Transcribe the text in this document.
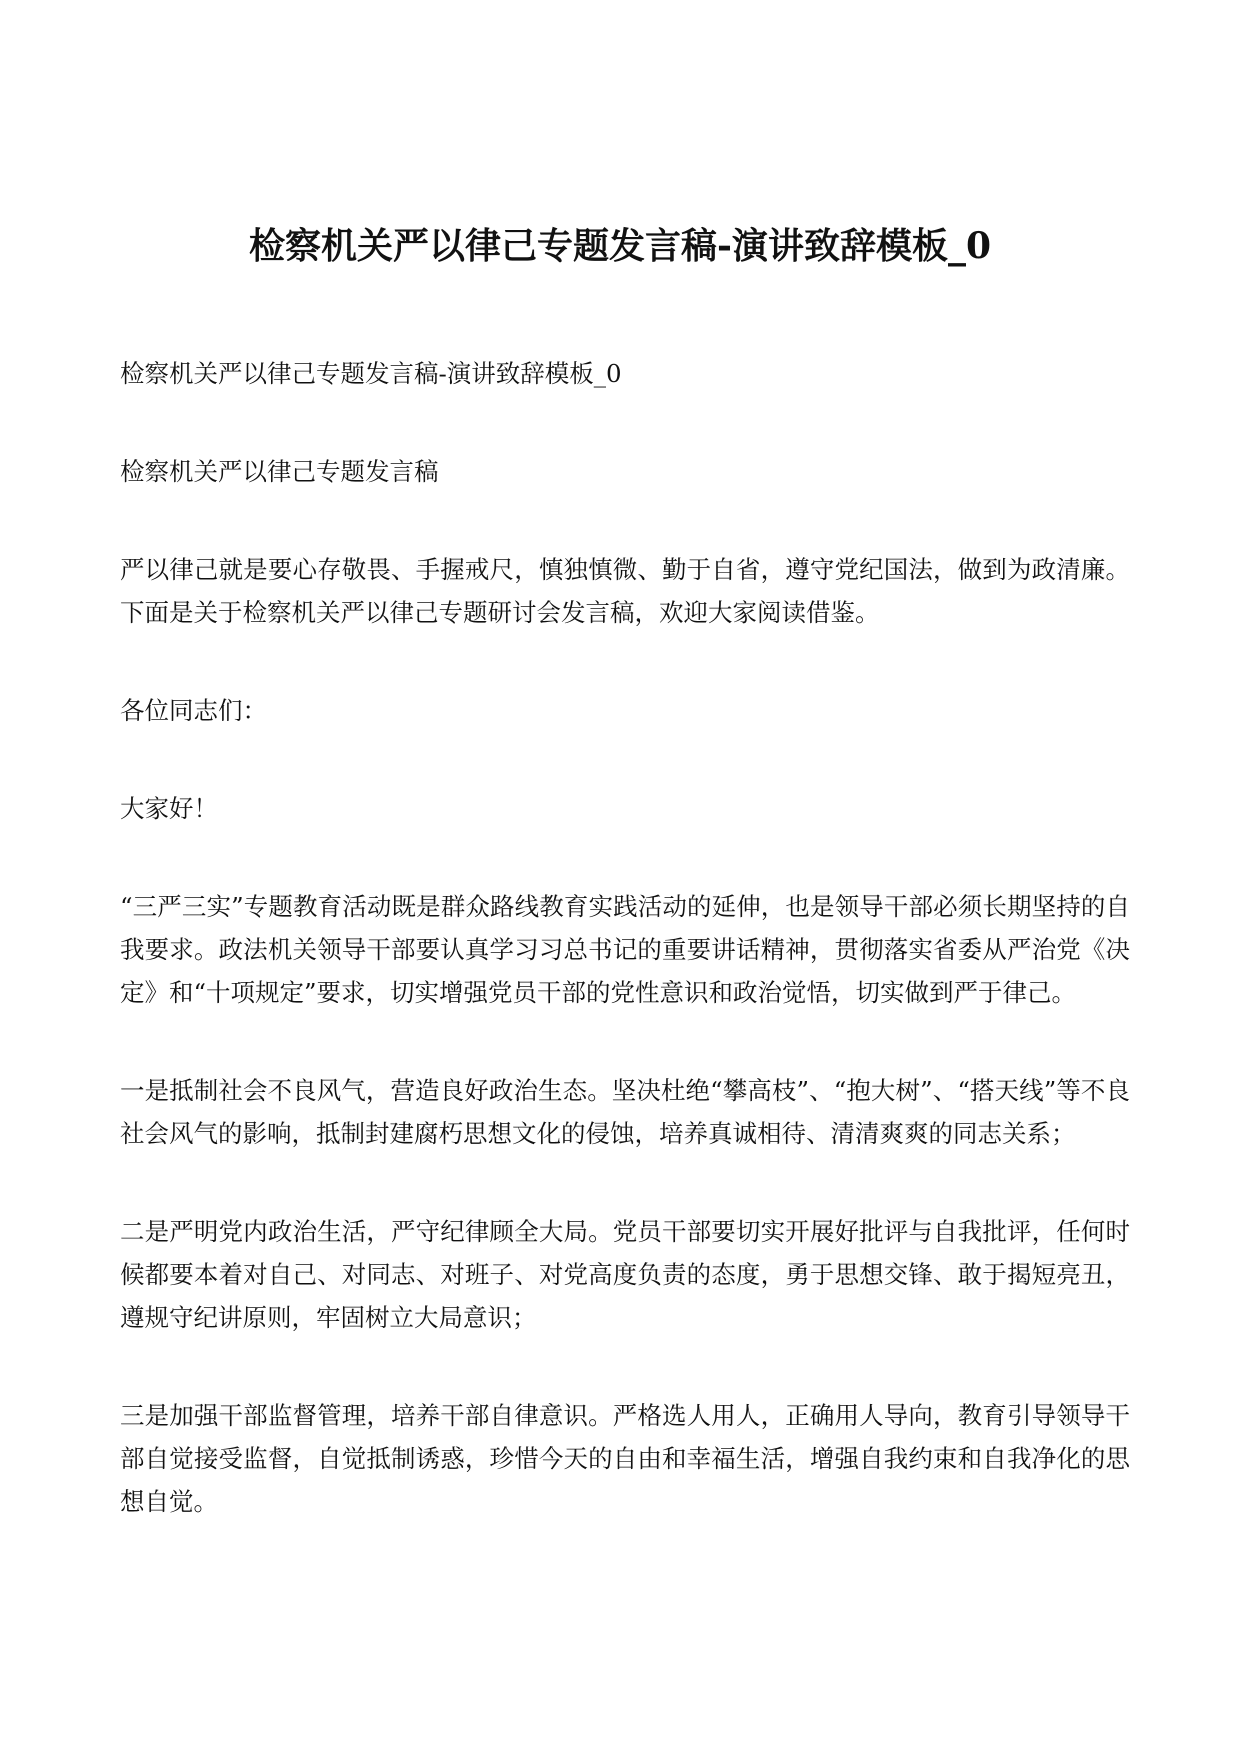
检察机关严以律己专题发言稿-演讲致辞模板_0

检察机关严以律己专题发言稿-演讲致辞模板_0

检察机关严以律己专题发言稿

严以律己就是要心存敬畏、手握戒尺，慎独慎微、勤于自省，遵守党纪国法，做到为政清廉。下面是关于检察机关严以律己专题研讨会发言稿，欢迎大家阅读借鉴。

各位同志们：

大家好！

“三严三实”专题教育活动既是群众路线教育实践活动的延伸，也是领导干部必须长期坚持的自我要求。政法机关领导干部要认真学习习总书记的重要讲话精神，贯彻落实省委从严治党《决定》和“十项规定”要求，切实增强党员干部的党性意识和政治觉悟，切实做到严于律己。

一是抵制社会不良风气，营造良好政治生态。坚决杜绝“攀高枝”、“抱大树”、“搭天线”等不良社会风气的影响，抵制封建腐朽思想文化的侵蚀，培养真诚相待、清清爽爽的同志关系；

二是严明党内政治生活，严守纪律顾全大局。党员干部要切实开展好批评与自我批评，任何时候都要本着对自己、对同志、对班子、对党高度负责的态度，勇于思想交锋、敢于揭短亮丑，遵规守纪讲原则，牢固树立大局意识；

三是加强干部监督管理，培养干部自律意识。严格选人用人，正确用人导向，教育引导领导干部自觉接受监督，自觉抵制诱惑，珍惜今天的自由和幸福生活，增强自我约束和自我净化的思想自觉。
